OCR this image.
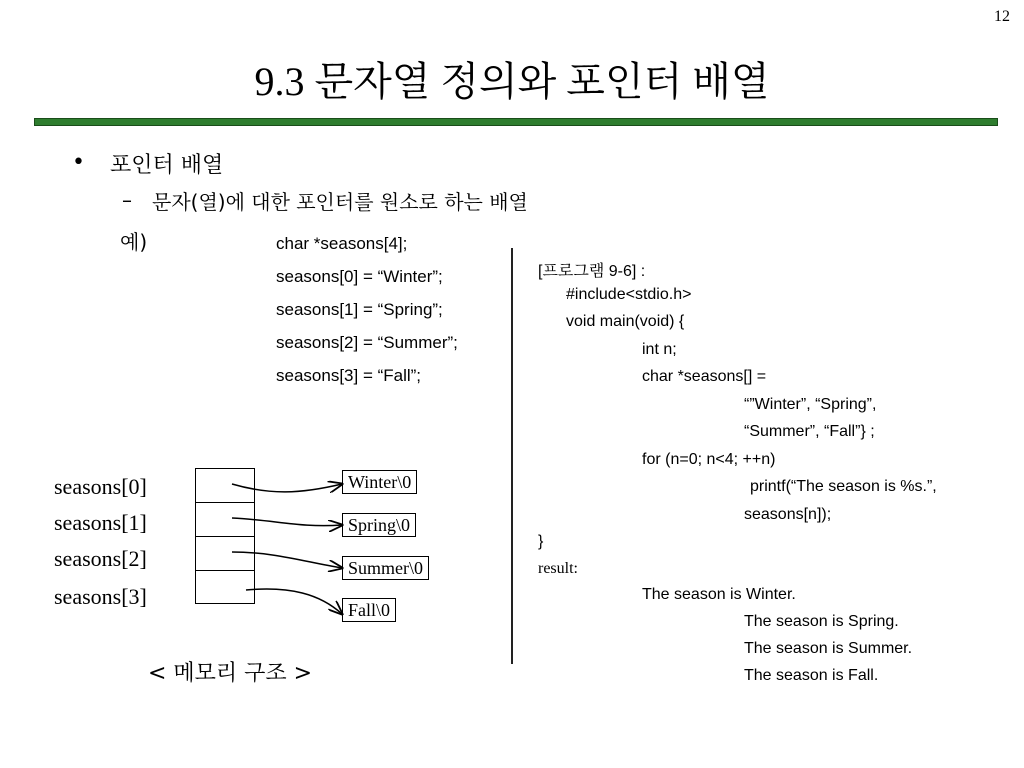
12
9.3 문자열 정의와 포인터 배열
• 포인터 배열
– 문자(열)에 대한 포인터를 원소로 하는 배열
예)	char *seasons[4];
seasons[0] = “Winter”;
seasons[1] = “Spring”;
seasons[2] = “Summer”;
seasons[3] = “Fall”;
[프로그램 9-6] :
#include<stdio.h>
void main(void) {
int n;
char *seasons[] =
“”Winter”, “Spring”,
“Summer”, “Fall”} ;
for (n=0; n<4; ++n)
printf(“The season is %s.”,
seasons[n]);
}
result:
The season is Winter.
The season is Spring.
The season is Summer.
The season is Fall.
seasons[0]
seasons[1]
seasons[2]
seasons[3]
Winter\0
Spring\0
Summer\0
Fall\0
< 메모리 구조 >
